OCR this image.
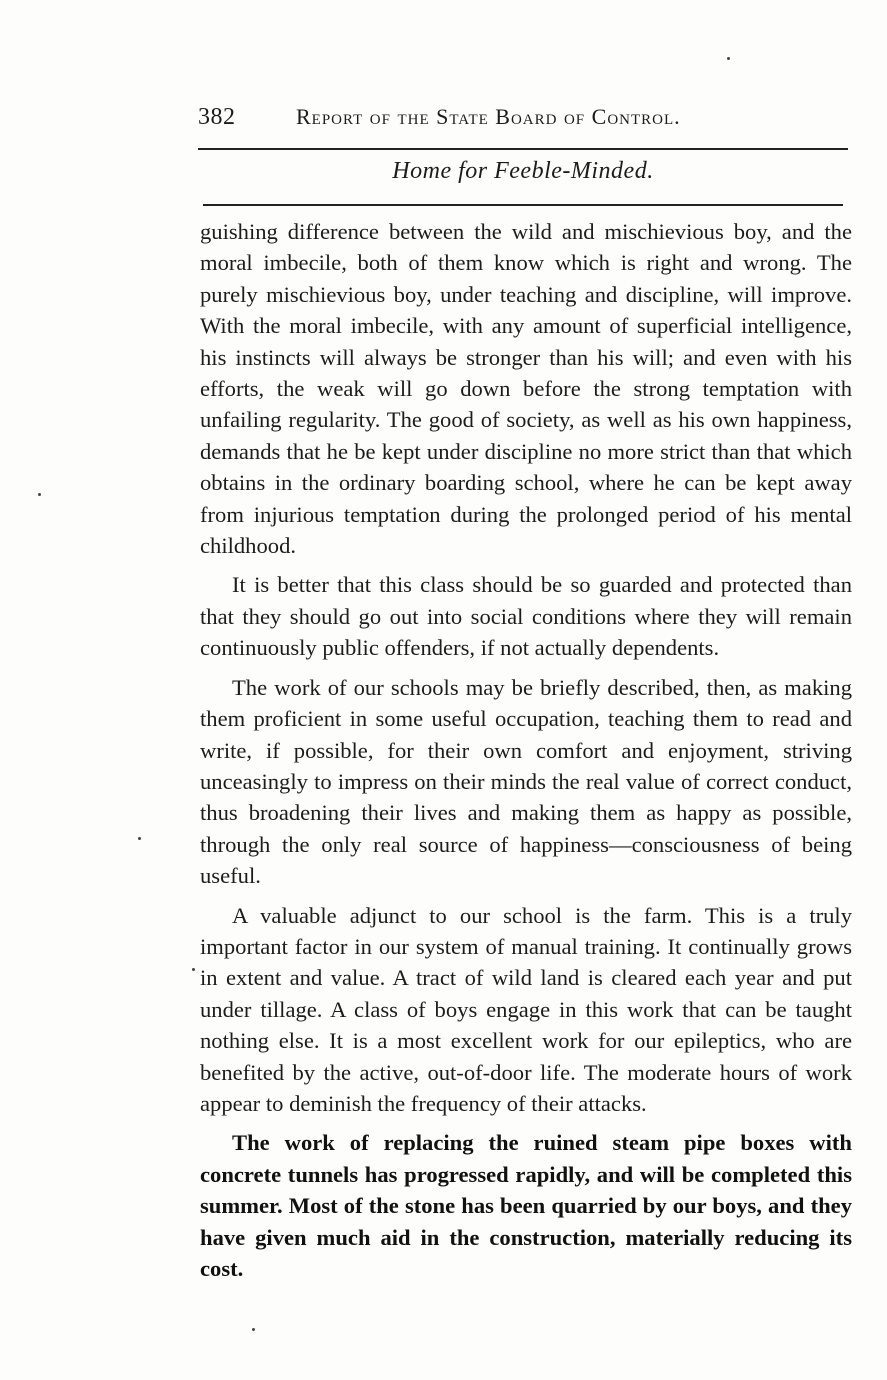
382	Report of the State Board of Control.
Home for Feeble-Minded.

guishing difference between the wild and mischievious boy, and the moral imbecile, both of them know which is right and wrong. The purely mischievious boy, under teaching and discipline, will improve. With the moral imbecile, with any amount of superficial intelligence, his instincts will always be stronger than his will; and even with his efforts, the weak will go down before the strong temptation with unfailing regularity. The good of society, as well as his own happiness, demands that he be kept under discipline no more strict than that which obtains in the ordinary boarding school, where he can be kept away from injurious temptation during the prolonged period of his mental childhood.

It is better that this class should be so guarded and protected than that they should go out into social conditions where they will remain continuously public offenders, if not actually dependents.

The work of our schools may be briefly described, then, as making them proficient in some useful occupation, teaching them to read and write, if possible, for their own comfort and enjoyment, striving unceasingly to impress on their minds the real value of correct conduct, thus broadening their lives and making them as happy as possible, through the only real source of happiness—consciousness of being useful.

A valuable adjunct to our school is the farm. This is a truly important factor in our system of manual training. It continually grows in extent and value. A tract of wild land is cleared each year and put under tillage. A class of boys engage in this work that can be taught nothing else. It is a most excellent work for our epileptics, who are benefited by the active, out-of-door life. The moderate hours of work appear to deminish the frequency of their attacks.

The work of replacing the ruined steam pipe boxes with concrete tunnels has progressed rapidly, and will be completed this summer. Most of the stone has been quarried by our boys, and they have given much aid in the construction, materially reducing its cost.
